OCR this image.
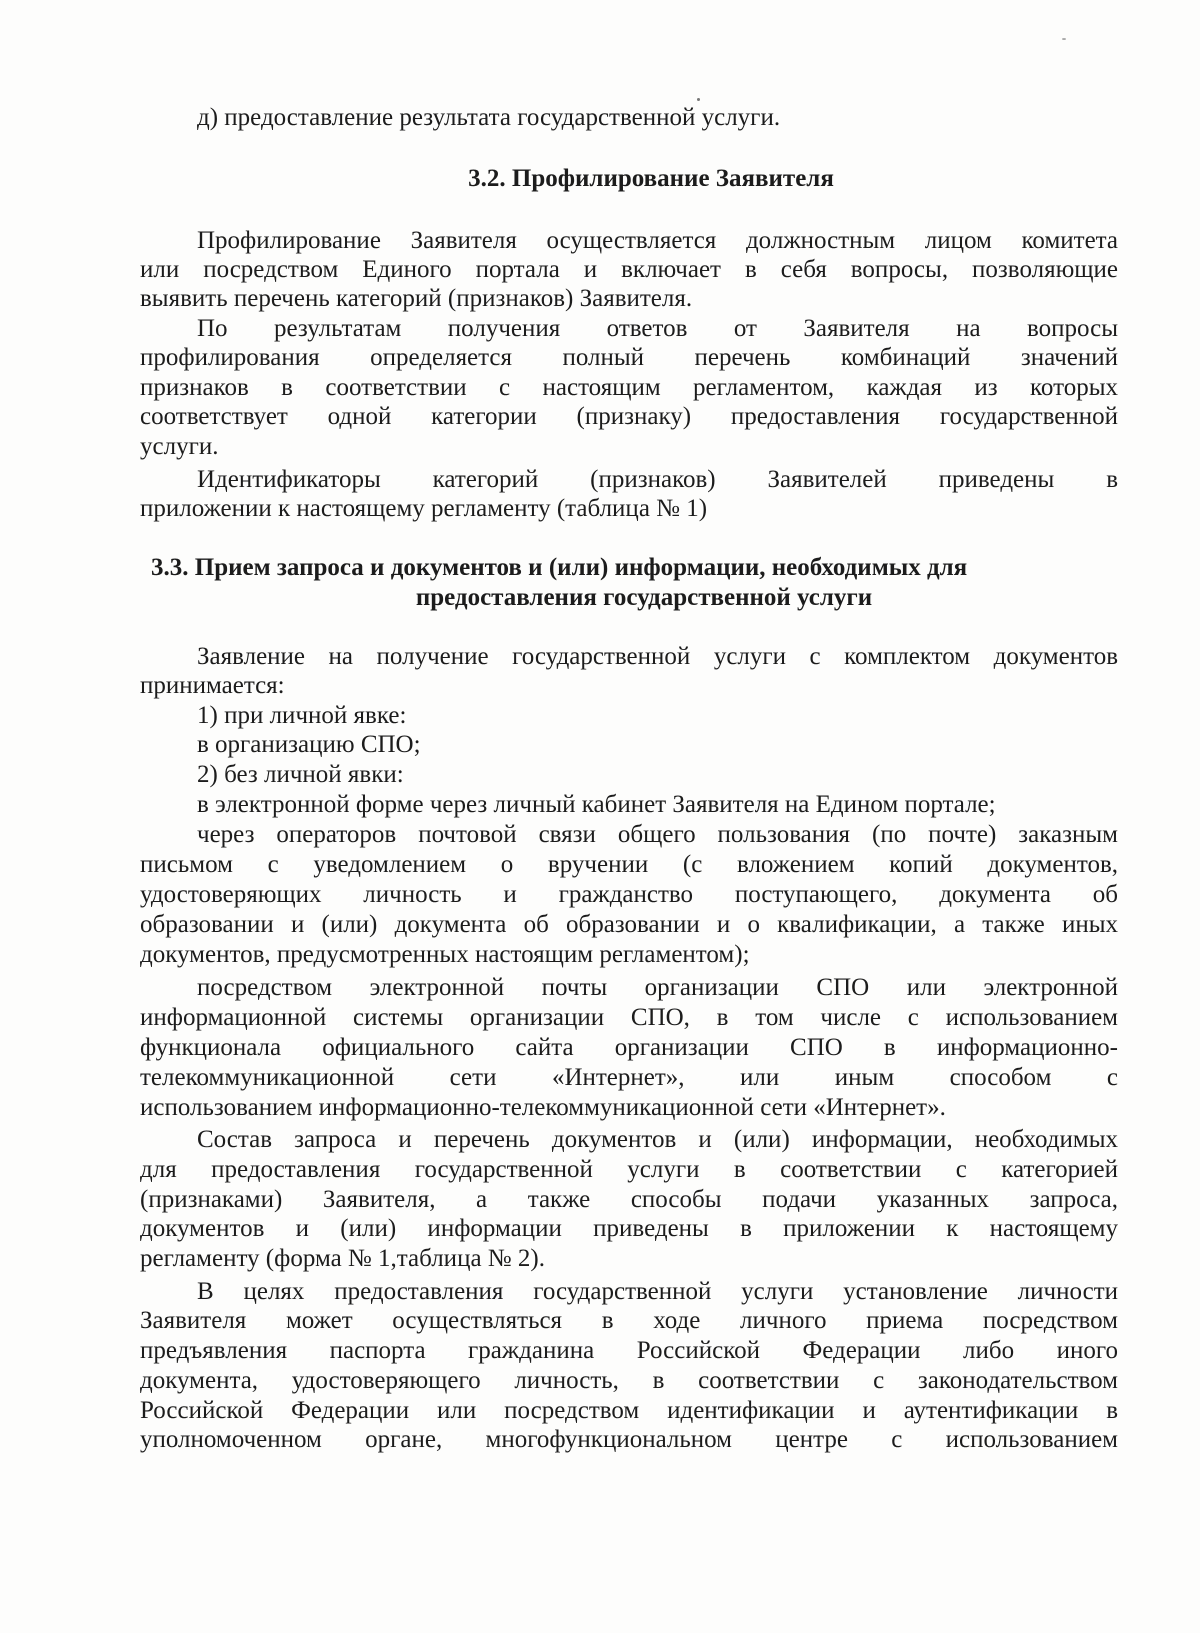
д) предоставление результата государственной услуги.

3.2. Профилирование Заявителя

Профилирование Заявителя осуществляется должностным лицом комитета

или посредством Единого портала и включает в себя вопросы, позволяющие

выявить перечень категорий (признаков) Заявителя.

По результатам получения ответов от Заявителя на вопросы

профилирования определяется полный перечень комбинаций значений

признаков в соответствии с настоящим регламентом, каждая из которых

соответствует одной категории (признаку) предоставления государственной

услуги.

Идентификаторы категорий (признаков) Заявителей приведены в

приложении к настоящему регламенту (таблица № 1)

3.3. Прием запроса и документов и (или) информации, необходимых для
предоставления государственной услуги

Заявление на получение государственной услуги с комплектом документов

принимается:

1) при личной явке:

в организацию СПО;

2) без личной явки:

в электронной форме через личный кабинет Заявителя на Едином портале;

через операторов почтовой связи общего пользования (по почте) заказным

письмом с уведомлением о вручении (с вложением копий документов,

удостоверяющих личность и гражданство поступающего, документа об

образовании и (или) документа об образовании и о квалификации, а также иных

документов, предусмотренных настоящим регламентом);

посредством электронной почты организации СПО или электронной

информационной системы организации СПО, в том числе с использованием

функционала официального сайта организации СПО в информационно-

телекоммуникационной сети «Интернет», или иным способом с

использованием информационно-телекоммуникационной сети «Интернет».

Состав запроса и перечень документов и (или) информации, необходимых

для предоставления государственной услуги в соответствии с категорией

(признаками) Заявителя, а также способы подачи указанных запроса,

документов и (или) информации приведены в приложении к настоящему

регламенту (форма № 1,таблица № 2).

В целях предоставления государственной услуги установление личности

Заявителя может осуществляться в ходе личного приема посредством

предъявления паспорта гражданина Российской Федерации либо иного

документа, удостоверяющего личность, в соответствии с законодательством

Российской Федерации или посредством идентификации и аутентификации в

уполномоченном органе, многофункциональном центре с использованием
